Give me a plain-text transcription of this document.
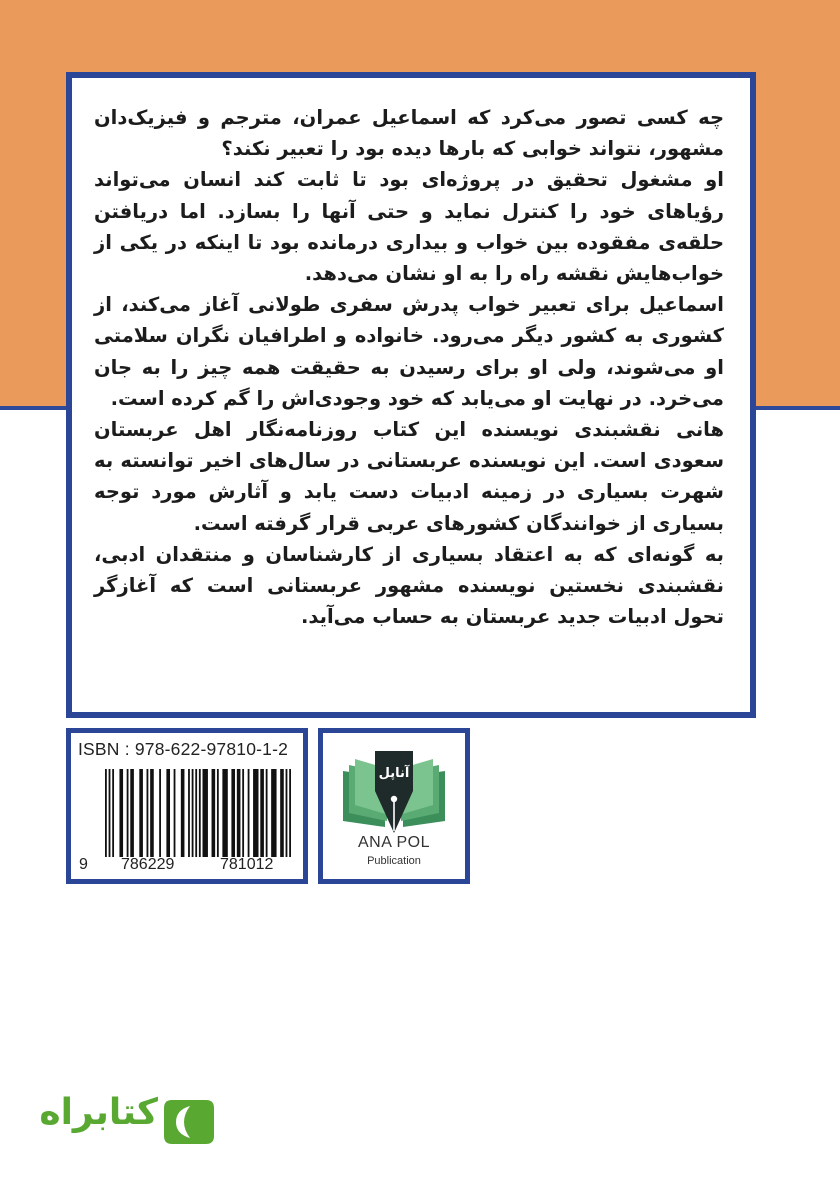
چه کسی تصور می‌کرد که اسماعیل عمران، مترجم و فیزیک‌دان مشهور، نتواند خوابی که بارها دیده بود را تعبیر نکند؟

او مشغول تحقیق در پروژه‌ای بود تا ثابت کند انسان می‌تواند رؤیاهای خود را کنترل نماید و حتی آنها را بسازد. اما دریافتن حلقه‌ی مفقوده بین خواب و بیداری درمانده بود تا اینکه در یکی از خواب‌هایش نقشه راه را به او نشان می‌دهد.

اسماعیل برای تعبیر خواب پدرش سفری طولانی آغاز می‌کند، از کشوری به کشور دیگر می‌رود. خانواده و اطرافیان نگران سلامتی او می‌شوند، ولی او برای رسیدن به حقیقت همه چیز را به جان می‌خرد. در نهایت او می‌یابد که خود وجودی‌اش را گم کرده است.

هانی نقشبندی نویسنده این کتاب روزنامه‌نگار اهل عربستان سعودی است. این نویسنده عربستانی در سال‌های اخیر توانسته به شهرت بسیاری در زمینه ادبیات دست یابد و آثارش مورد توجه بسیاری از خوانندگان کشورهای عربی قرار گرفته است.

به گونه‌ای که به اعتقاد بسیاری از کارشناسان و منتقدان ادبی، نقشبندی نخستین نویسنده مشهور عربستانی است که آغازگر تحول ادبیات جدید عربستان به حساب می‌آید.

ISBN : 978-622-97810-1-2
9 786229	781012
آناپل
ANA POL
Publication
کتابراه
